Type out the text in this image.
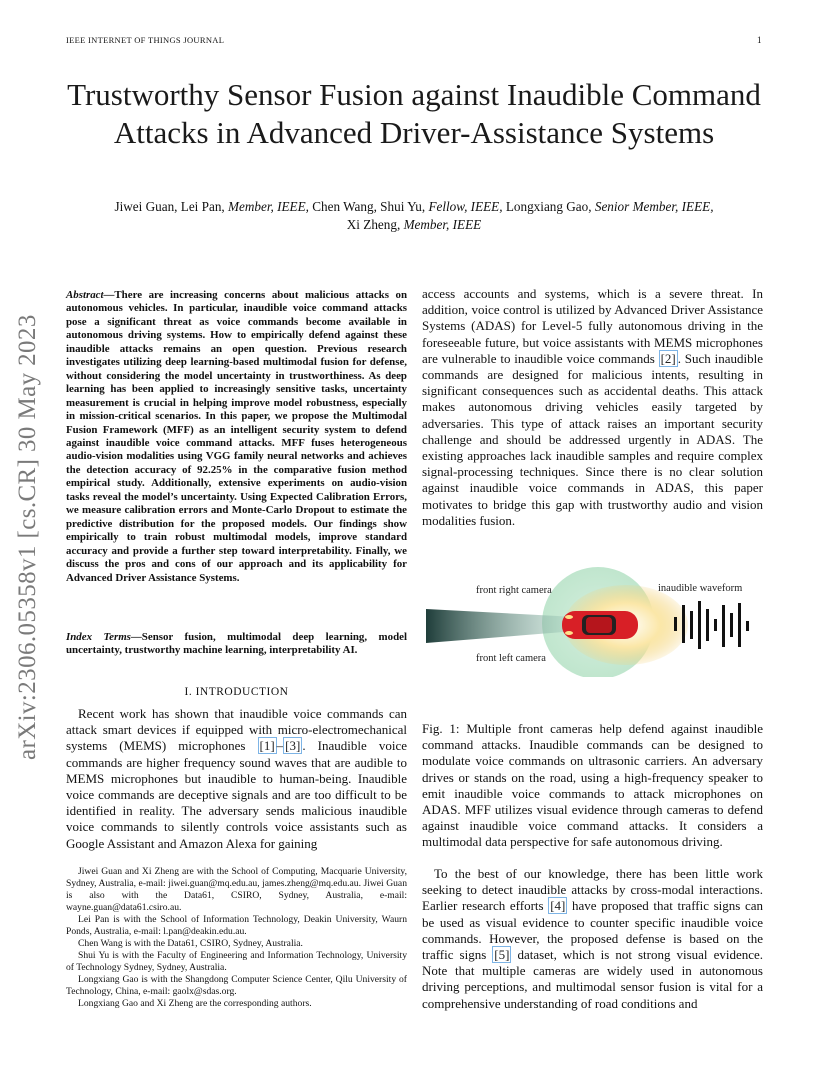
IEEE INTERNET OF THINGS JOURNAL	1
Trustworthy Sensor Fusion against Inaudible Command Attacks in Advanced Driver-Assistance Systems
Jiwei Guan, Lei Pan, Member, IEEE, Chen Wang, Shui Yu, Fellow, IEEE, Longxiang Gao, Senior Member, IEEE,
Xi Zheng, Member, IEEE
arXiv:2306.05358v1 [cs.CR] 30 May 2023
Abstract—There are increasing concerns about malicious attacks on autonomous vehicles. In particular, inaudible voice command attacks pose a significant threat as voice commands become available in autonomous driving systems. How to empirically defend against these inaudible attacks remains an open question. Previous research investigates utilizing deep learning-based multimodal fusion for defense, without considering the model uncertainty in trustworthiness. As deep learning has been applied to increasingly sensitive tasks, uncertainty measurement is crucial in helping improve model robustness, especially in mission-critical scenarios. In this paper, we propose the Multimodal Fusion Framework (MFF) as an intelligent security system to defend against inaudible voice command attacks. MFF fuses heterogeneous audio-vision modalities using VGG family neural networks and achieves the detection accuracy of 92.25% in the comparative fusion method empirical study. Additionally, extensive experiments on audio-vision tasks reveal the model’s uncertainty. Using Expected Calibration Errors, we measure calibration errors and Monte-Carlo Dropout to estimate the predictive distribution for the proposed models. Our findings show empirically to train robust multimodal models, improve standard accuracy and provide a further step toward interpretability. Finally, we discuss the pros and cons of our approach and its applicability for Advanced Driver Assistance Systems.
Index Terms—Sensor fusion, multimodal deep learning, model uncertainty, trustworthy machine learning, interpretability AI.
I. INTRODUCTION
Recent work has shown that inaudible voice commands can attack smart devices if equipped with micro-electromechanical systems (MEMS) microphones [1] – [3] . Inaudible voice commands are higher frequency sound waves that are audible to MEMS microphones but inaudible to human-being. Inaudible voice commands are deceptive signals and are too difficult to be identified in reality. The adversary sends malicious inaudible voice commands to silently controls voice assistants such as Google Assistant and Amazon Alexa for gaining

Jiwei Guan and Xi Zheng are with the School of Computing, Macquarie University, Sydney, Australia, e-mail: jiwei.guan@mq.edu.au, james.zheng@mq.edu.au. Jiwei Guan is also with the Data61, CSIRO, Sydney, Australia, e-mail: wayne.guan@data61.csiro.au.

Lei Pan is with the School of Information Technology, Deakin University, Waurn Ponds, Australia, e-mail: l.pan@deakin.edu.au.

Chen Wang is with the Data61, CSIRO, Sydney, Australia.

Shui Yu is with the Faculty of Engineering and Information Technology, University of Technology Sydney, Sydney, Australia.

Longxiang Gao is with the Shangdong Computer Science Center, Qilu University of Technology, China, e-mail: gaolx@sdas.org.

Longxiang Gao and Xi Zheng are the corresponding authors.

access accounts and systems, which is a severe threat. In addition, voice control is utilized by Advanced Driver Assistance Systems (ADAS) for Level-5 fully autonomous driving in the foreseeable future, but voice assistants with MEMS microphones are vulnerable to inaudible voice commands [2] . Such inaudible commands are designed for malicious intents, resulting in significant consequences such as accidental deaths. This attack makes autonomous driving vehicles easily targeted by adversaries. This type of attack raises an important security challenge and should be addressed urgently in ADAS. The existing approaches lack inaudible samples and require complex signal-processing techniques. Since there is no clear solution against inaudible voice commands in ADAS, this paper motivates to bridge this gap with trustworthy audio and vision modalities fusion.
front right camera
front left camera
inaudible waveform
Fig. 1: Multiple front cameras help defend against inaudible command attacks. Inaudible commands can be designed to modulate voice commands on ultrasonic carriers. An adversary drives or stands on the road, using a high-frequency speaker to emit inaudible voice commands to attack microphones on ADAS. MFF utilizes visual evidence through cameras to defend against inaudible voice command attacks. It considers a multimodal data perspective for safe autonomous driving.
To the best of our knowledge, there has been little work seeking to detect inaudible attacks by cross-modal interactions. Earlier research efforts [4] have proposed that traffic signs can be used as visual evidence to counter specific inaudible voice commands. However, the proposed defense is based on the traffic signs [5] dataset, which is not strong visual evidence. Note that multiple cameras are widely used in autonomous driving perceptions, and multimodal sensor fusion is vital for a comprehensive understanding of road conditions and
